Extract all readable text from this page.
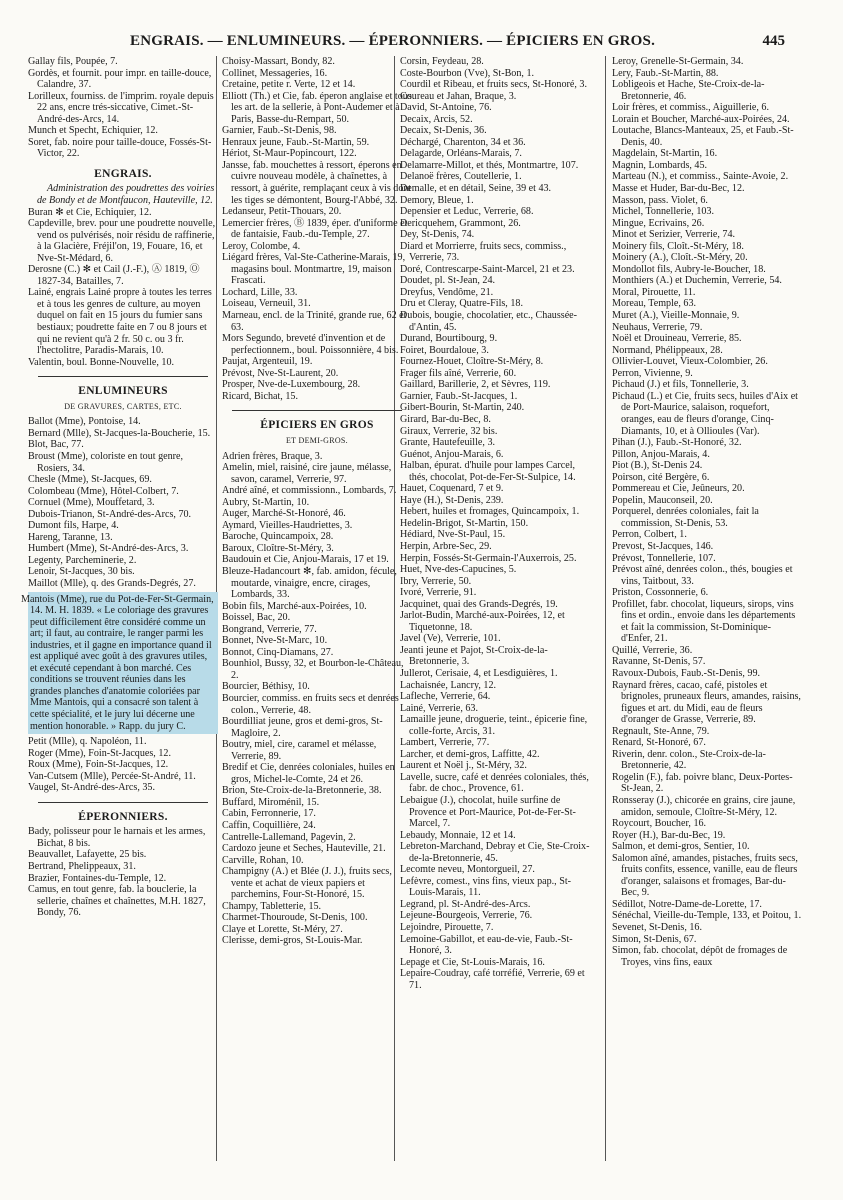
ENGRAIS. — ENLUMINEURS. — ÉPERONNIERS. — ÉPICIERS EN GROS.	445
Gallay fils, Poupée, 7.
Gordès, et fournit. pour impr. en taille-douce, Calandre, 37.
Lorilleux, fourniss. de l'imprim. royale depuis 22 ans, encre trés-siccative, Cimet.-St-André-des-Arcs, 14.
Munch et Specht, Echiquier, 12.
Soret, fab. noire pour taille-douce, Fossés-St-Victor, 22.
ENGRAIS.
Administration des poudrettes des voiries de Bondy et de Montfaucon, Hauteville, 12.
Buran ✻ et Cie, Echiquier, 12.
Capdeville, brev. pour une poudrette nouvelle, vend os pulvérisés, noir résidu de raffinerie, à la Glacière, Fréjil'on, 19, Fouare, 16, et Nve-St-Médard, 6.
Derosne (C.) ✻ et Cail (J.-F.), Ⓐ 1819, Ⓞ 1827-34, Batailles, 7.
Lainé, engrais Lainé propre à toutes les terres et à tous les genres de culture, au moyen duquel on fait en 15 jours du fumier sans bestiaux; poudrette faite en 7 ou 8 jours et qui ne revient qu'à 2 fr. 50 c. ou 3 fr. l'hectolitre, Paradis-Marais, 10.
Valentin, boul. Bonne-Nouvelle, 10.
ENLUMINEURS
DE GRAVURES, CARTES, ETC.
Ballot (Mme), Pontoise, 14.
Bernard (Mlle), St-Jacques-la-Boucherie, 15.
Blot, Bac, 77.
Broust (Mme), coloriste en tout genre, Rosiers, 34.
Chesle (Mme), St-Jacques, 69.
Colombeau (Mme), Hôtel-Colbert, 7.
Cornuel (Mme), Mouffetard, 3.
Dubois-Trianon, St-André-des-Arcs, 70.
Dumont fils, Harpe, 4.
Hareng, Taranne, 13.
Humbert (Mme), St-André-des-Arcs, 3.
Legenty, Parcheminerie, 2.
Lenoir, St-Jacques, 30 bis.
Maillot (Mlle), q. des Grands-Degrés, 27.
Mantois (Mme), rue du Pot-de-Fer-St-Germain, 14. M. H. 1839. « Le coloriage des gravures peut difficilement être considéré comme un art; il faut, au contraire, le ranger parmi les industries, et il gagne en importance quand il est appliqué avec goût à des gravures utiles, et exécuté cependant à bon marché. Ces conditions se trouvent réunies dans les grandes planches d'anatomie coloriées par Mme Mantois, qui a consacré son talent à cette spécialité, et le jury lui décerne une mention honorable. » Rapp. du jury C.
Petit (Mlle), q. Napoléon, 11.
Roger (Mme), Foin-St-Jacques, 12.
Roux (Mme), Foin-St-Jacques, 12.
Van-Cutsem (Mlle), Percée-St-André, 11.
Vaugel, St-André-des-Arcs, 35.
ÉPERONNIERS.
Bady, polisseur pour le harnais et les armes, Bichat, 8 bis.
Beauvallet, Lafayette, 25 bis.
Bertrand, Phelippeaux, 31.
Brazier, Fontaines-du-Temple, 12.
Camus, en tout genre, fab. la bouclerie, la sellerie, chaînes et chaînettes, M.H. 1827, Bondy, 76.
Choisy-Massart, Bondy, 82.
Collinet, Messageries, 16.
Cretaine, petite r. Verte, 12 et 14.
Elliott (Th.) et Cie, fab. éperon anglaise et tous les art. de la sellerie, à Pont-Audemer et à Paris, Basse-du-Rempart, 50.
Garnier, Faub.-St-Denis, 98.
Henraux jeune, Faub.-St-Martin, 59.
Hériot, St-Maur-Popincourt, 122.
Jansse, fab. mouchettes à ressort, éperons en cuivre nouveau modèle, à chaînettes, à ressort, à guérite, remplaçant ceux à vis dont les tiges se démontent, Bourg-l'Abbé, 32.
Ledanseur, Petit-Thouars, 20.
Lemercier frères, Ⓑ 1839, éper. d'uniforme et de fantaisie, Faub.-du-Temple, 27.
Leroy, Colombe, 4.
Liégard frères, Val-Ste-Catherine-Marais, 19, magasins boul. Montmartre, 19, maison Frascati.
Lochard, Lille, 33.
Loiseau, Verneuil, 31.
Marneau, encl. de la Trinité, grande rue, 62 et 63.
Mors Segundo, breveté d'invention et de perfectionnem., boul. Poissonnière, 4 bis.
Paujat, Argenteuil, 19.
Prévost, Nve-St-Laurent, 20.
Prosper, Nve-de-Luxembourg, 28.
Ricard, Bichat, 15.
ÉPICIERS EN GROS
ET DEMI-GROS.
Adrien frères, Braque, 3.
Amelin, miel, raisiné, cire jaune, mélasse, savon, caramel, Verrerie, 97.
André aîné, et commissionn., Lombards, 7.
Aubry, St-Martin, 10.
Auger, Marché-St-Honoré, 46.
Aymard, Vieilles-Haudriettes, 3.
Baroche, Quincampoix, 28.
Baroux, Cloître-St-Méry, 3.
Baudouin et Cie, Anjou-Marais, 17 et 19.
Bleuze-Hadancourt ✻, fab. amidon, fécule, moutarde, vinaigre, encre, cirages, Lombards, 33.
Bobin fils, Marché-aux-Poirées, 10.
Boissel, Bac, 20.
Bongrand, Verrerie, 77.
Bonnet, Nve-St-Marc, 10.
Bonnot, Cinq-Diamans, 27.
Bounhiol, Bussy, 32, et Bourbon-le-Château, 2.
Bourcier, Béthisy, 10.
Bourcier, commiss. en fruits secs et denrées colon., Verrerie, 48.
Bourdilliat jeune, gros et demi-gros, St-Magloire, 2.
Boutry, miel, cire, caramel et mélasse, Verrerie, 89.
Bredif et Cie, denrées coloniales, huiles en gros, Michel-le-Comte, 24 et 26.
Brion, Ste-Croix-de-la-Bretonnerie, 38.
Buffard, Miroménil, 15.
Cabin, Ferronnerie, 17.
Caffin, Coquillière, 24.
Cantrelle-Lallemand, Pagevin, 2.
Cardozo jeune et Seches, Hauteville, 21.
Carville, Rohan, 10.
Champigny (A.) et Blée (J. J.), fruits secs, vente et achat de vieux papiers et parchemins, Four-St-Honoré, 15.
Champy, Tabletterie, 15.
Charmet-Thouroude, St-Denis, 100.
Claye et Lorette, St-Méry, 27.
Clerisse, demi-gros, St-Louis-Mar.
Corsin, Feydeau, 28.
Coste-Bourbon (Vve), St-Bon, 1.
Courdil et Ribeau, et fruits secs, St-Honoré, 3.
Coureau et Jahan, Braque, 3.
David, St-Antoine, 76.
Decaix, Arcis, 52.
Decaix, St-Denis, 36.
Déchargé, Charenton, 34 et 36.
Delagarde, Orléans-Marais, 7.
Delamarre-Millot, et thés, Montmartre, 107.
Delanoë frères, Coutellerie, 1.
Demalle, et en détail, Seine, 39 et 43.
Demory, Bleue, 1.
Depensier et Leduc, Verrerie, 68.
Dericquehem, Grammont, 26.
Dey, St-Denis, 74.
Diard et Morrierre, fruits secs, commiss., Verrerie, 73.
Doré, Contrescarpe-Saint-Marcel, 21 et 23.
Doudet, pl. St-Jean, 24.
Dreyfus, Vendôme, 21.
Dru et Cleray, Quatre-Fils, 18.
Dubois, bougie, chocolatier, etc., Chaussée-d'Antin, 45.
Durand, Bourtibourg, 9.
Foiret, Bourdaloue, 3.
Fournez-Houet, Cloître-St-Méry, 8.
Frager fils aîné, Verrerie, 60.
Gaillard, Barillerie, 2, et Sèvres, 119.
Garnier, Faub.-St-Jacques, 1.
Gibert-Bourin, St-Martin, 240.
Girard, Bar-du-Bec, 8.
Giraux, Verrerie, 32 bis.
Grante, Hautefeuille, 3.
Guénot, Anjou-Marais, 6.
Halban, épurat. d'huile pour lampes Carcel, thés, chocolat, Pot-de-Fer-St-Sulpice, 14.
Hauet, Coquenard, 7 et 9.
Haye (H.), St-Denis, 239.
Hebert, huiles et fromages, Quincampoix, 1.
Hedelin-Brigot, St-Martin, 150.
Hédiard, Nve-St-Paul, 15.
Herpin, Arbre-Sec, 29.
Herpin, Fossés-St-Germain-l'Auxerrois, 25.
Huet, Nve-des-Capucines, 5.
Ibry, Verrerie, 50.
Ivoré, Verrerie, 91.
Jacquinet, quai des Grands-Degrés, 19.
Jarlot-Budin, Marché-aux-Poirées, 12, et Tiquetonne, 18.
Javel (Ve), Verrerie, 101.
Jeanti jeune et Pajot, St-Croix-de-la-Bretonnerie, 3.
Jullerot, Cerisaie, 4, et Lesdiguières, 1.
Lachaisnée, Lancry, 12.
Lafleche, Verrerie, 64.
Lainé, Verrerie, 63.
Lamaille jeune, droguerie, teint., épicerie fine, colle-forte, Arcis, 31.
Lambert, Verrerie, 77.
Larcher, et demi-gros, Laffitte, 42.
Laurent et Noël j., St-Méry, 32.
Lavelle, sucre, café et denrées coloniales, thés, fabr. de choc., Provence, 61.
Lebaigue (J.), chocolat, huile surfine de Provence et Port-Maurice, Pot-de-Fer-St-Marcel, 7.
Lebaudy, Monnaie, 12 et 14.
Lebreton-Marchand, Debray et Cie, Ste-Croix-de-la-Bretonnerie, 45.
Lecomte neveu, Montorgueil, 27.
Lefèvre, comest., vins fins, vieux pap., St-Louis-Marais, 11.
Legrand, pl. St-André-des-Arcs.
Lejeune-Bourgeois, Verrerie, 76.
Lejoindre, Pirouette, 7.
Lemoine-Gabillot, et eau-de-vie, Faub.-St-Honoré, 3.
Lepage et Cie, St-Louis-Marais, 16.
Lepaire-Coudray, café torréfié, Verrerie, 69 et 71.
Leroy, Grenelle-St-Germain, 34.
Lery, Faub.-St-Martin, 88.
Lobligeois et Hache, Ste-Croix-de-la-Bretonnerie, 46.
Loir frères, et commiss., Aiguillerie, 6.
Lorain et Boucher, Marché-aux-Poirées, 24.
Loutache, Blancs-Manteaux, 25, et Faub.-St-Denis, 40.
Magdelain, St-Martin, 16.
Magnin, Lombards, 45.
Marteau (N.), et commiss., Sainte-Avoie, 2.
Masse et Huder, Bar-du-Bec, 12.
Masson, pass. Violet, 6.
Michel, Tonnellerie, 103.
Mingue, Ecrivains, 26.
Minot et Serizier, Verrerie, 74.
Moinery fils, Cloît.-St-Méry, 18.
Moinery (A.), Cloît.-St-Méry, 20.
Mondollot fils, Aubry-le-Boucher, 18.
Monthiers (A.) et Duchemin, Verrerie, 54.
Moral, Pirouette, 11.
Moreau, Temple, 63.
Muret (A.), Vieille-Monnaie, 9.
Neuhaus, Verrerie, 79.
Noël et Drouineau, Verrerie, 85.
Normand, Phélippeaux, 28.
Ollivier-Louvet, Vieux-Colombier, 26.
Perron, Vivienne, 9.
Pichaud (J.) et fils, Tonnellerie, 3.
Pichaud (L.) et Cie, fruits secs, huiles d'Aix et de Port-Maurice, salaison, roquefort, oranges, eau de fleurs d'orange, Cinq-Diamants, 10, et à Ollioules (Var).
Pihan (J.), Faub.-St-Honoré, 32.
Pillon, Anjou-Marais, 4.
Piot (B.), St-Denis 24.
Poirson, cité Bergère, 6.
Pommereau et Cie, Jeûneurs, 20.
Popelin, Mauconseil, 20.
Porquerel, denrées coloniales, fait la commission, St-Denis, 53.
Perron, Colbert, 1.
Prevost, St-Jacques, 146.
Prévost, Tonnellerie, 107.
Prévost aîné, denrées colon., thés, bougies et vins, Taitbout, 33.
Priston, Cossonnerie, 6.
Profillet, fabr. chocolat, liqueurs, sirops, vins fins et ordin., envoie dans les départements et fait la commission, St-Dominique-d'Enfer, 21.
Quillé, Verrerie, 36.
Ravanne, St-Denis, 57.
Ravoux-Dubois, Faub.-St-Denis, 99.
Raynard frères, cacao, café, pistoles et brignoles, pruneaux fleurs, amandes, raisins, figues et art. du Midi, eau de fleurs d'oranger de Grasse, Verrerie, 89.
Regnault, Ste-Anne, 79.
Renard, St-Honoré, 67.
Riverin, denr. colon., Ste-Croix-de-la-Bretonnerie, 42.
Rogelin (F.), fab. poivre blanc, Deux-Portes-St-Jean, 2.
Ronsseray (J.), chicorée en grains, cire jaune, amidon, semoule, Cloître-St-Méry, 12.
Roycourt, Boucher, 16.
Royer (H.), Bar-du-Bec, 19.
Salmon, et demi-gros, Sentier, 10.
Salomon aîné, amandes, pistaches, fruits secs, fruits confits, essence, vanille, eau de fleurs d'oranger, salaisons et fromages, Bar-du-Bec, 9.
Sédillot, Notre-Dame-de-Lorette, 17.
Sénéchal, Vieille-du-Temple, 133, et Poitou, 1.
Sevenet, St-Denis, 16.
Simon, St-Denis, 67.
Simon, fab. chocolat, dépôt de fromages de Troyes, vins fins, eaux
